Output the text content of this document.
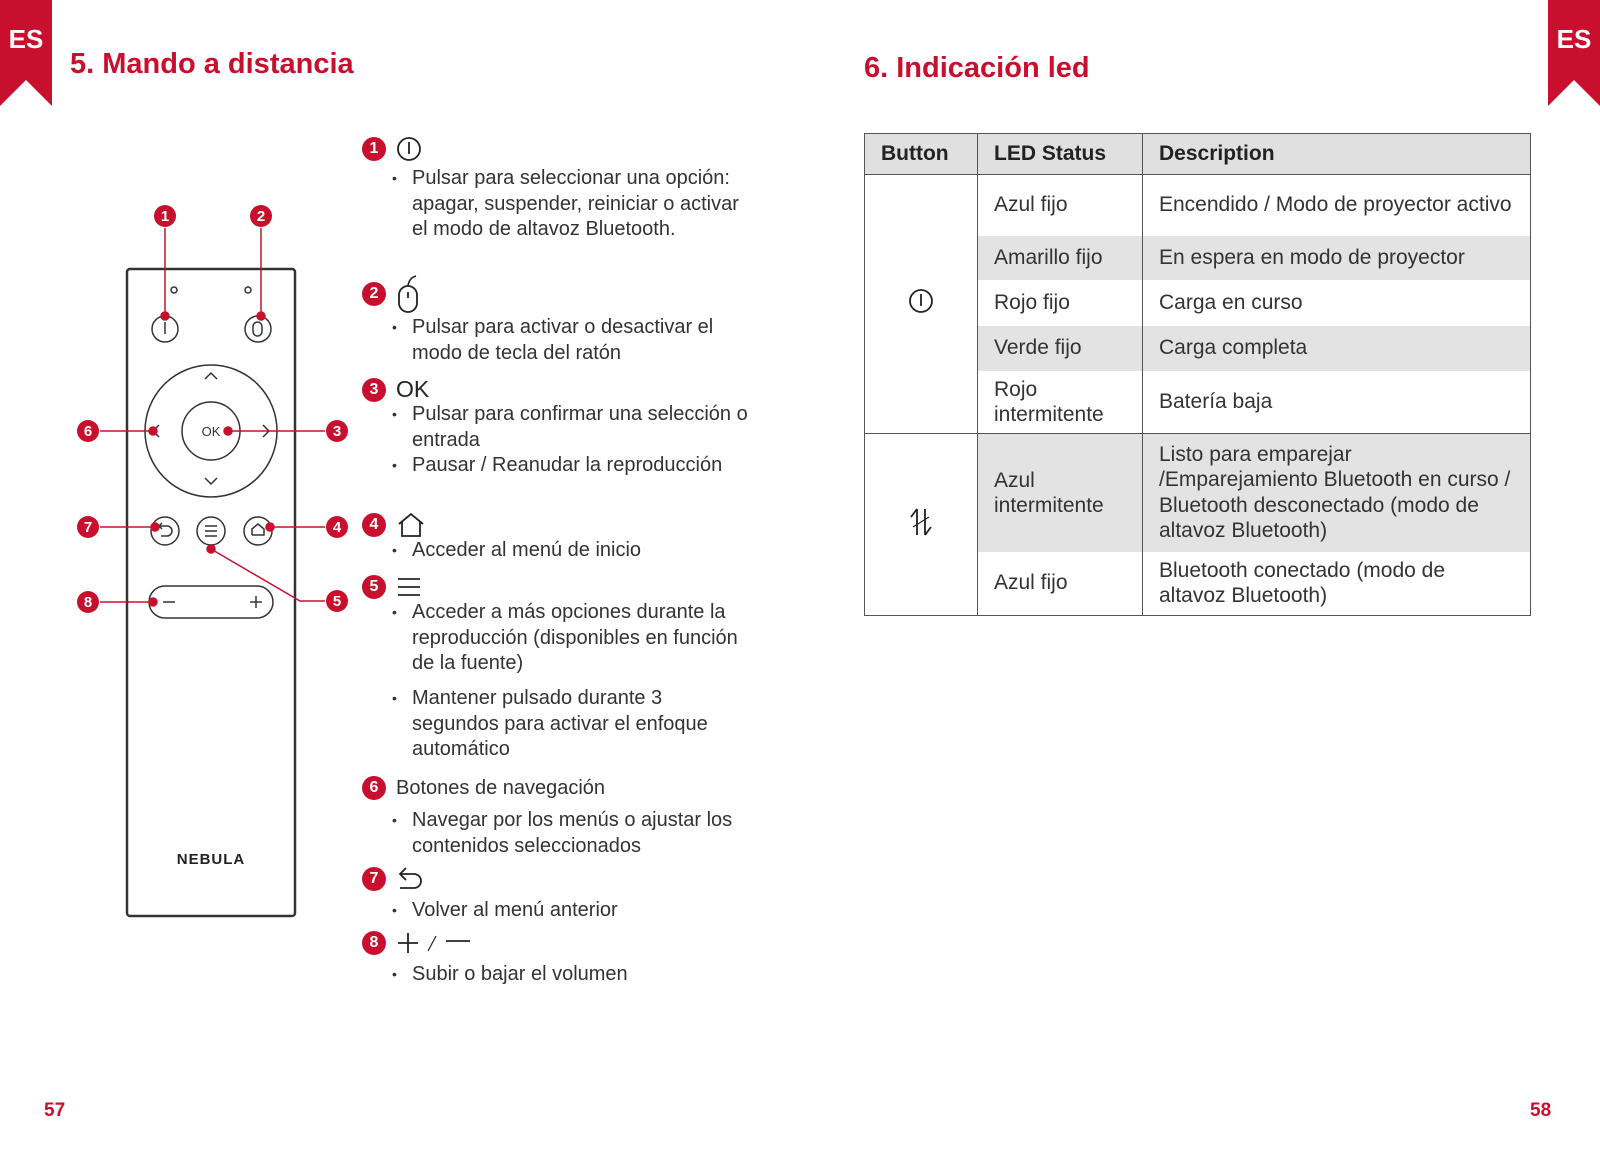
ES	ES
5. Mando a distancia	6. Indicación led
OK
NEBULA
1	2
3
4
5
6
7
8
1
• Pulsar para seleccionar una opción: apagar, suspender, reiniciar o activar el modo de altavoz Bluetooth.
2
• Pulsar para activar o desactivar el modo de tecla del ratón
3 OK
• Pulsar para confirmar una selección o entrada
• Pausar / Reanudar la reproducción
4
• Acceder al menú de inicio
5
• Acceder a más opciones durante la reproducción (disponibles en función de la fuente)
• Mantener pulsado durante 3 segundos para activar el enfoque automático
6 Botones de navegación
• Navegar por los menús o ajustar los contenidos seleccionados
7
• Volver al menú anterior
8
• Subir o bajar el volumen
Button	LED Status	Description
	Azul fijo	Encendido / Modo de proyector activo
	Amarillo fijo	En espera en modo de proyector
	Rojo fijo	Carga en curso
	Verde fijo	Carga completa
	Rojo intermitente	Batería baja
	Azul intermitente	Listo para emparejar /Emparejamiento Bluetooth en curso / Bluetooth desconectado (modo de altavoz Bluetooth)
	Azul fijo	Bluetooth conectado (modo de altavoz Bluetooth)
57	58
